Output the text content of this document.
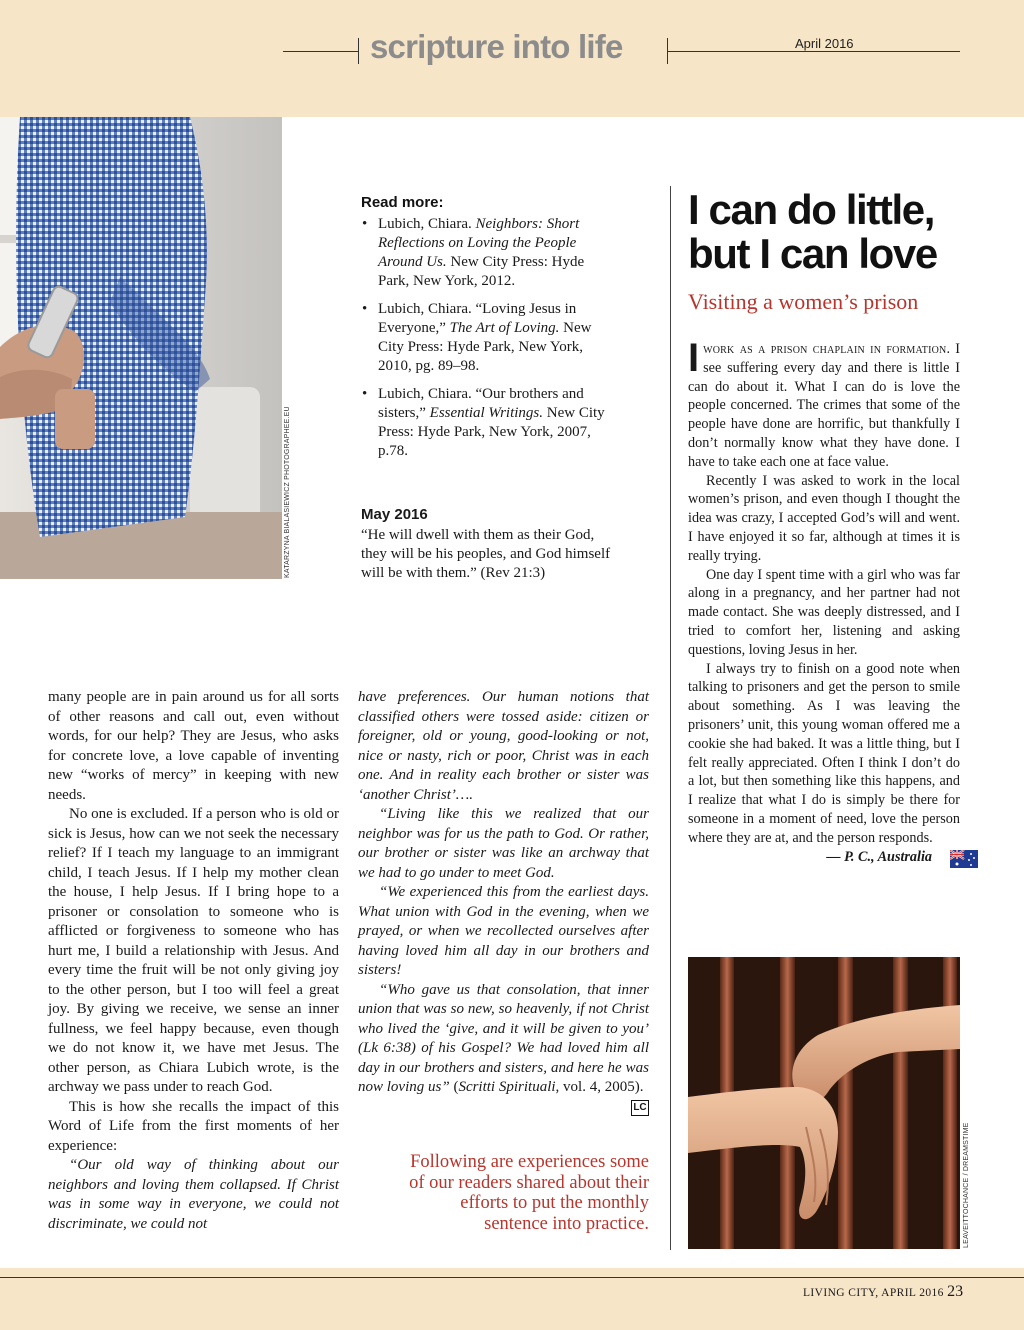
scripture into life	April 2016
KATARZYNA BIALASIEWICZ PHOTOGRAPHEE.EU
Read more:
• Lubich, Chiara. Neighbors: Short Reflections on Loving the People Around Us. New City Press: Hyde Park, New York, 2012.
• Lubich, Chiara. “Loving Jesus in Everyone,” The Art of Loving. New City Press: Hyde Park, New York, 2010, pg. 89–98.
• Lubich, Chiara. “Our brothers and sisters,” Essential Writings. New City Press: Hyde Park, New York, 2007, p.78.
May 2016
“He will dwell with them as their God, they will be his peoples, and God himself will be with them.” (Rev 21:3)
I can do little,
but I can love
Visiting a women’s prison

Iwork as a prison chaplain in formation. I see suffering every day and there is little I can do about it. What I can do is love the people concerned. The crimes that some of the people have done are horrific, but thankfully I don’t normally know what they have done. I have to take each one at face value.

Recently I was asked to work in the local women’s prison, and even though I thought the idea was crazy, I accepted God’s will and went. I have enjoyed it so far, although at times it is really trying.

One day I spent time with a girl who was far along in a pregnancy, and her partner had not made contact. She was deeply distressed, and I tried to comfort her, listening and asking questions, loving Jesus in her.

I always try to finish on a good note when talking to prisoners and get the person to smile about something. As I was leaving the prisoners’ unit, this young woman offered me a cookie she had baked. It was a little thing, but I felt really appreciated. Often I think I don’t do a lot, but then something like this happens, and I realize that what I do is simply be there for someone in a moment of need, love the person where they are at, and the person responds.

— P. C., Australia

LEAVEITTOCHANCE / DREAMSTIME

many people are in pain around us for all sorts of other reasons and call out, even without words, for our help? They are Jesus, who asks for concrete love, a love capable of inventing new “works of mercy” in keeping with new needs.

No one is excluded. If a person who is old or sick is Jesus, how can we not seek the necessary relief? If I teach my language to an immigrant child, I teach Jesus. If I help my mother clean the house, I help Jesus. If I bring hope to a prisoner or consolation to someone who is afflicted or forgiveness to someone who has hurt me, I build a relationship with Jesus. And every time the fruit will be not only giving joy to the other person, but I too will feel a great joy. By giving we receive, we sense an inner fullness, we feel happy because, even though we do not know it, we have met Jesus. The other person, as Chiara Lubich wrote, is the archway we pass under to reach God.

This is how she recalls the impact of this Word of Life from the first moments of her experience:

“Our old way of thinking about our neighbors and loving them collapsed. If Christ was in some way in everyone, we could not discriminate, we could not

have preferences. Our human notions that classified others were tossed aside: citizen or foreigner, old or young, good-looking or not, nice or nasty, rich or poor, Christ was in each one. And in reality each brother or sister was ‘another Christ’….

“Living like this we realized that our neighbor was for us the path to God. Or rather, our brother or sister was like an archway that we had to go under to meet God.

“We experienced this from the earliest days. What union with God in the evening, when we prayed, or when we recollected ourselves after having loved him all day in our brothers and sisters!

“Who gave us that consolation, that inner union that was so new, so heavenly, if not Christ who lived the ‘give, and it will be given to you’ (Lk 6:38) of his Gospel? We had loved him all day in our brothers and sisters, and here he was now loving us” (Scritti Spirituali, vol. 4, 2005).
LC

Following are experiences some of our readers shared about their efforts to put the monthly sentence into practice.
LIVING CITY, APRIL 2016 23
